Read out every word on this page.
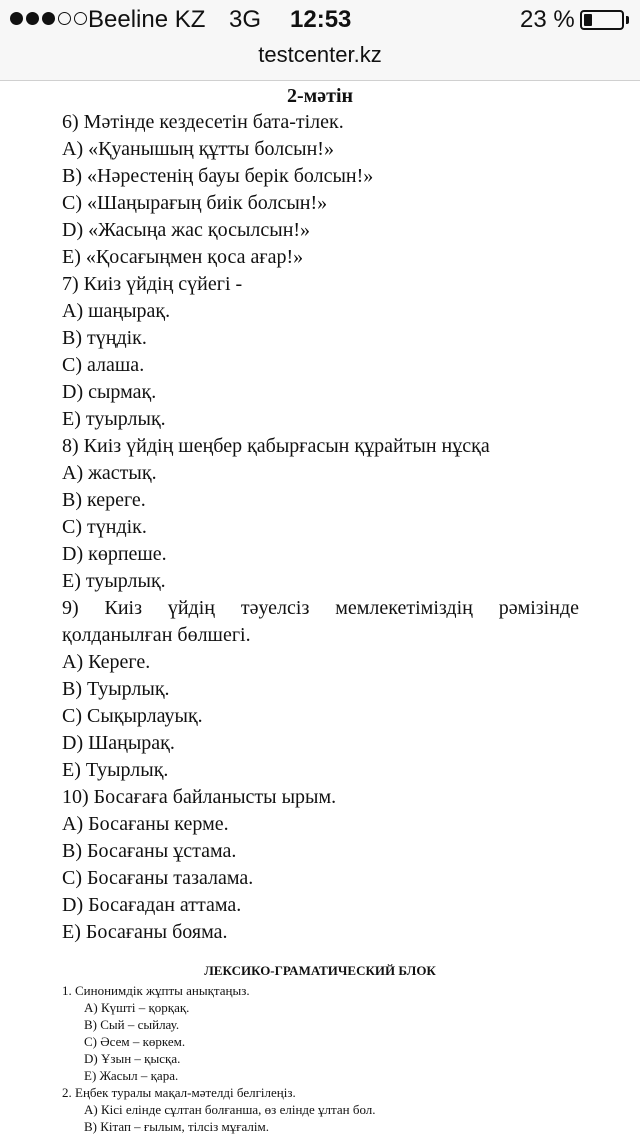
Beeline KZ 3G 12:53	23 %
testcenter.kz
2-мәтін
6) Мәтінде кездесетін бата-тілек.
A) «Қуанышың құтты болсын!»
B) «Нәрестенің бауы берік болсын!»
C) «Шаңырағың биік болсын!»
D) «Жасыңа жас қосылсын!»
E) «Қосағыңмен қоса ағар!»
7) Киіз үйдің сүйегі -
A) шаңырақ.
B) түңдік.
C) алаша.
D) сырмақ.
E) туырлық.
8) Киіз үйдің шеңбер қабырғасын құрайтын нұсқа
A) жастық.
B) кереге.
C) түндік.
D) көрпеше.
E) туырлық.
9) Киіз үйдің тәуелсіз мемлекетіміздің рәмізінде
қолданылған бөлшегі.
A) Кереге.
B) Туырлық.
C) Сықырлауық.
D) Шаңырақ.
E) Туырлық.
10) Босағаға байланысты ырым.
A) Босағаны керме.
B) Босағаны ұстама.
C) Босағаны тазалама.
D) Босағадан аттама.
E) Босағаны бояма.
ЛЕКСИКО-ГРАМАТИЧЕСКИЙ БЛОК
1. Синонимдік жұпты анықтаңыз.
A) Күшті – қорқақ.
B) Сый – сыйлау.
C) Әсем – көркем.
D) Ұзын – қысқа.
E) Жасыл – қара.
2. Еңбек туралы мақал-мәтелді белгілеңіз.
A) Кісі елінде сұлтан болғанша, өз елінде ұлтан бол.
B) Кітап – ғылым, тілсіз мұғалім.
